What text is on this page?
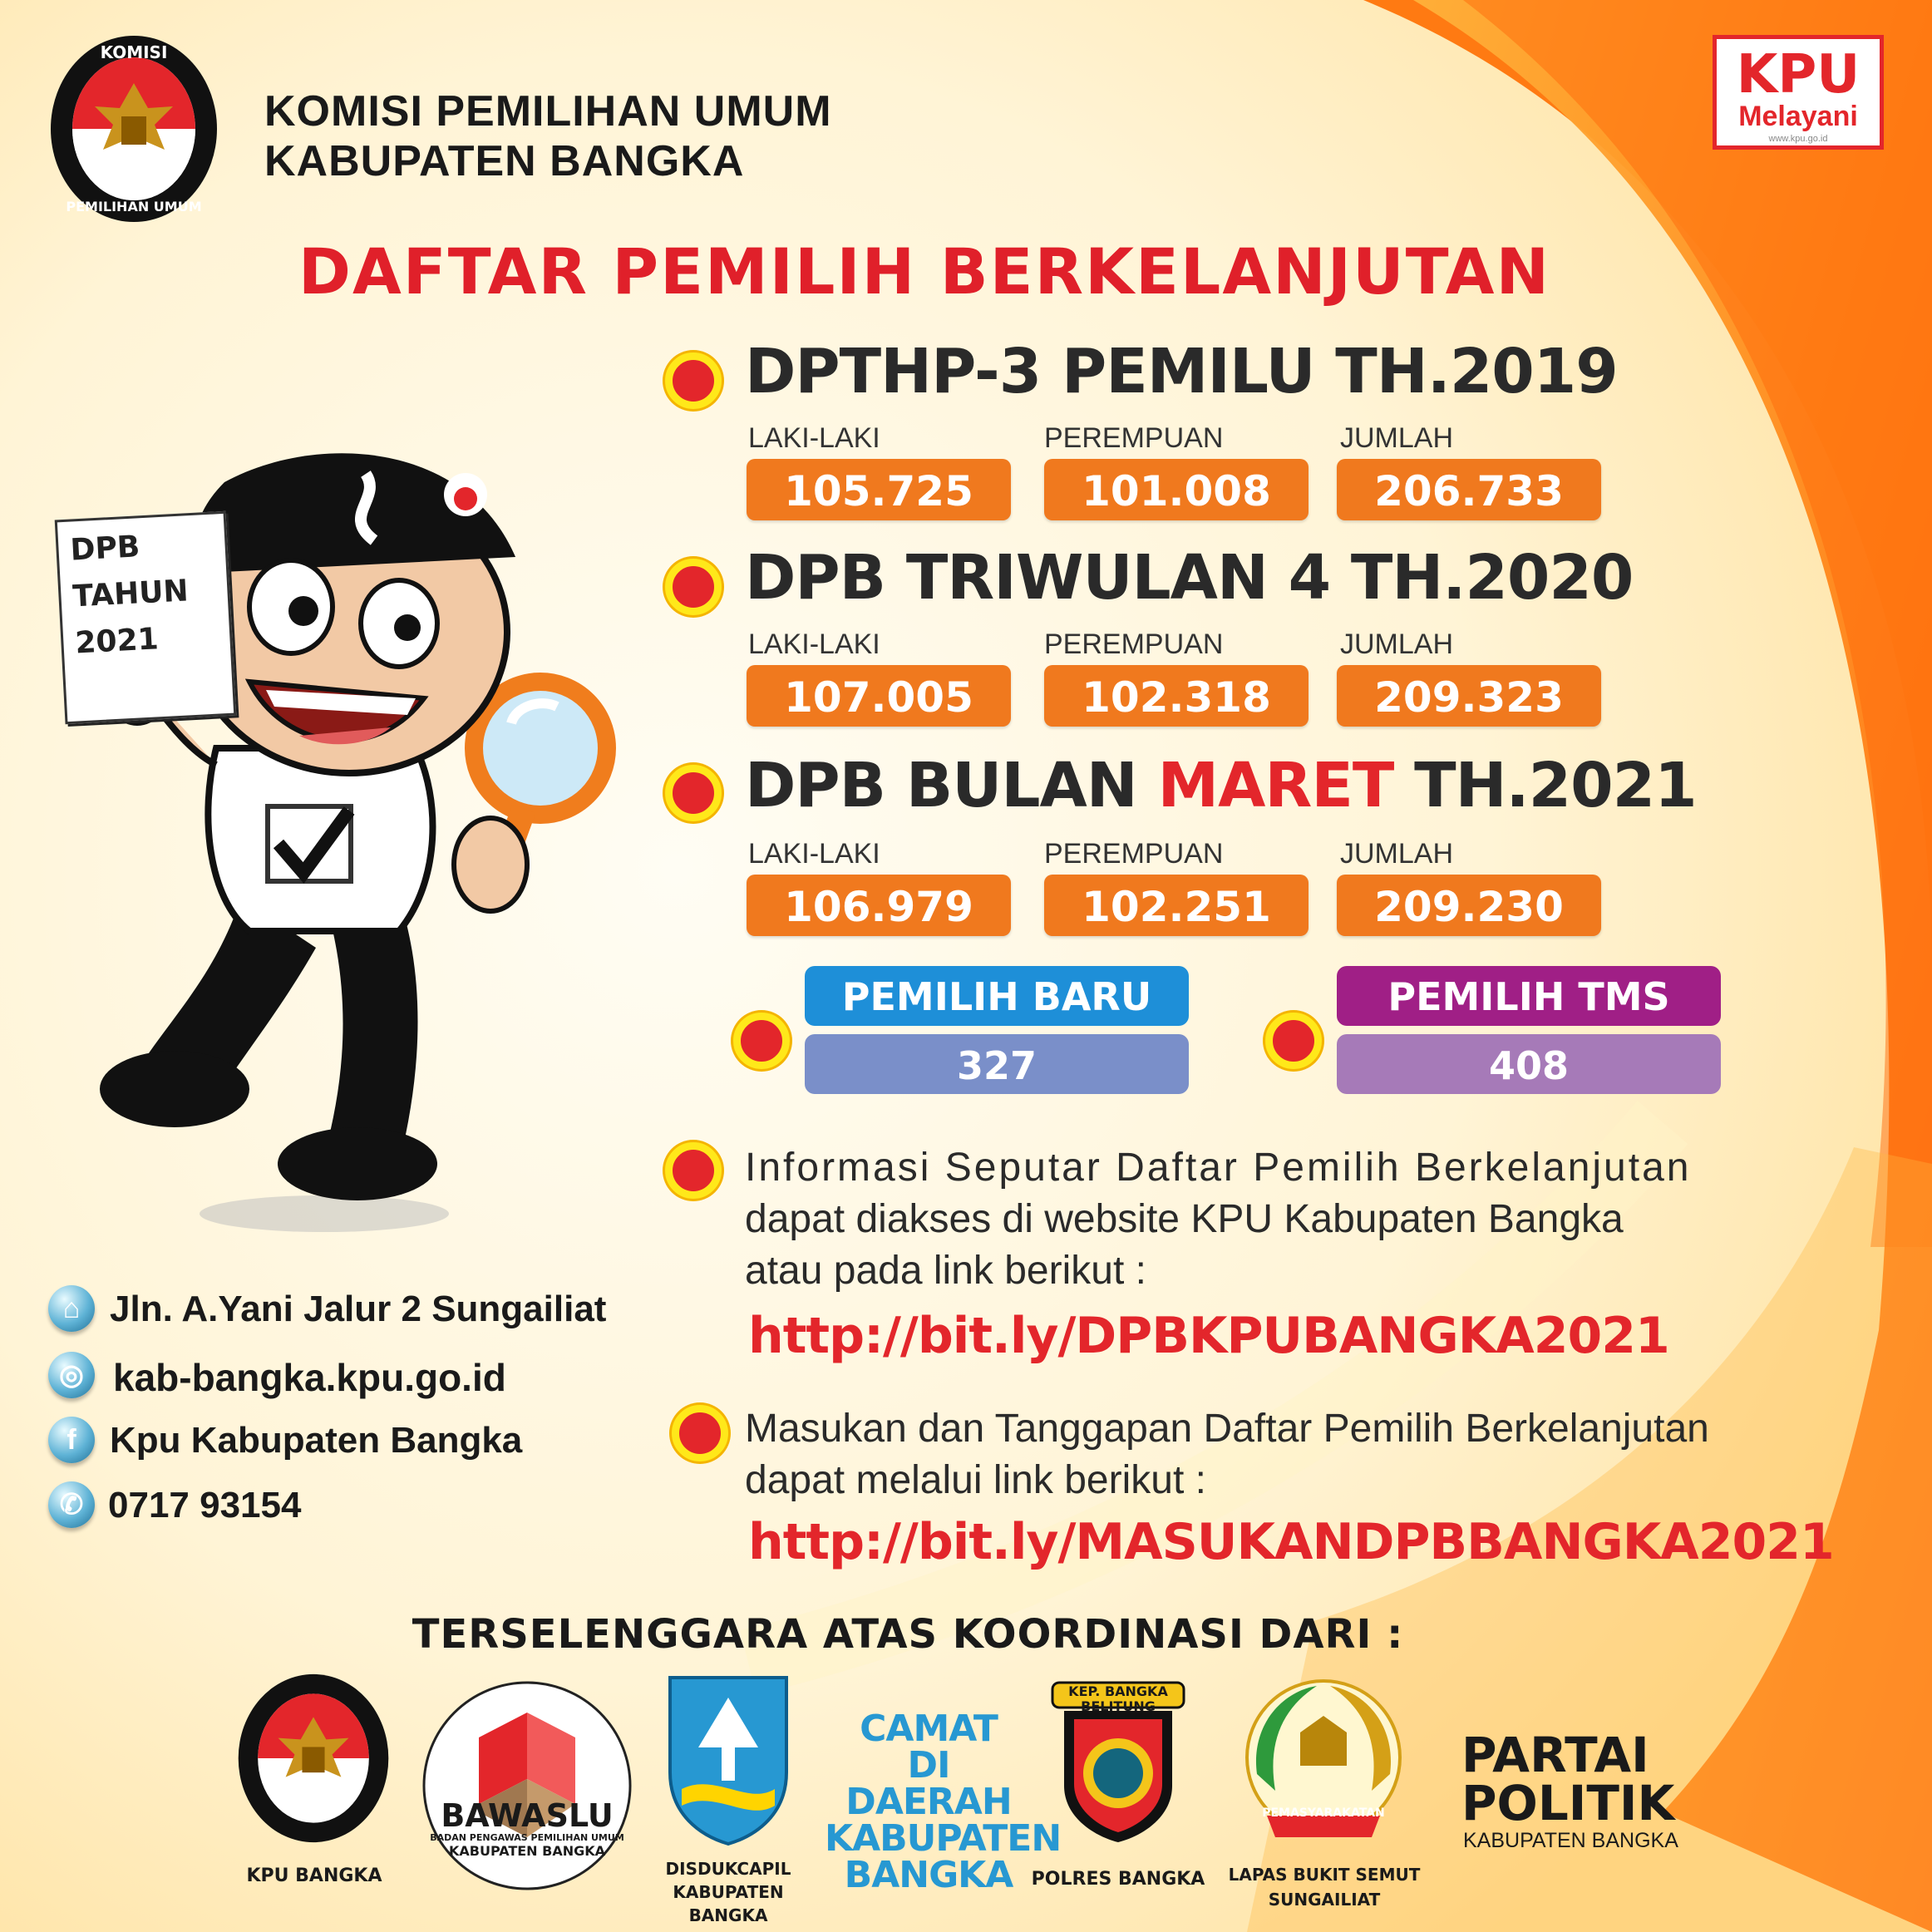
KOMISI
PEMILIHAN UMUM
KOMISI PEMILIHAN UMUM
KABUPATEN BANGKA
KPU
Melayani
www.kpu.go.id
DAFTAR PEMILIH BERKELANJUTAN
DPB
TAHUN
2021
DPTHP-3 PEMILU TH.2019
LAKI-LAKI	PEREMPUAN	JUMLAH
105.725	101.008	206.733
DPB TRIWULAN 4 TH.2020
LAKI-LAKI	PEREMPUAN	JUMLAH
107.005	102.318	209.323
DPB BULAN MARET TH.2021
LAKI-LAKI	PEREMPUAN	JUMLAH
106.979	102.251	209.230
PEMILIH BARU
327
PEMILIH TMS
408
Informasi Seputar Daftar Pemilih Berkelanjutan
dapat diakses di website KPU Kabupaten Bangka
atau pada link berikut :
http://bit.ly/DPBKPUBANGKA2021
Masukan dan Tanggapan Daftar Pemilih Berkelanjutan
dapat melalui link berikut :
http://bit.ly/MASUKANDPBBANGKA2021
⌂ Jln. A.Yani Jalur 2 Sungailiat
◎ kab-bangka.kpu.go.id
f Kpu Kabupaten Bangka
✆ 0717 93154
TERSELENGGARA ATAS KOORDINASI DARI :
KPU BANGKA
BAWASLU
BADAN PENGAWAS PEMILIHAN UMUM
KABUPATEN BANGKA
DISDUKCAPIL
KABUPATEN BANGKA
CAMAT
DI DAERAH
KABUPATEN
BANGKA
KEP. BANGKA BELITUNG
POLRES BANGKA
PEMASYARAKATAN
LAPAS BUKIT SEMUT
SUNGAILIAT
PARTAI
POLITIK
KABUPATEN BANGKA
